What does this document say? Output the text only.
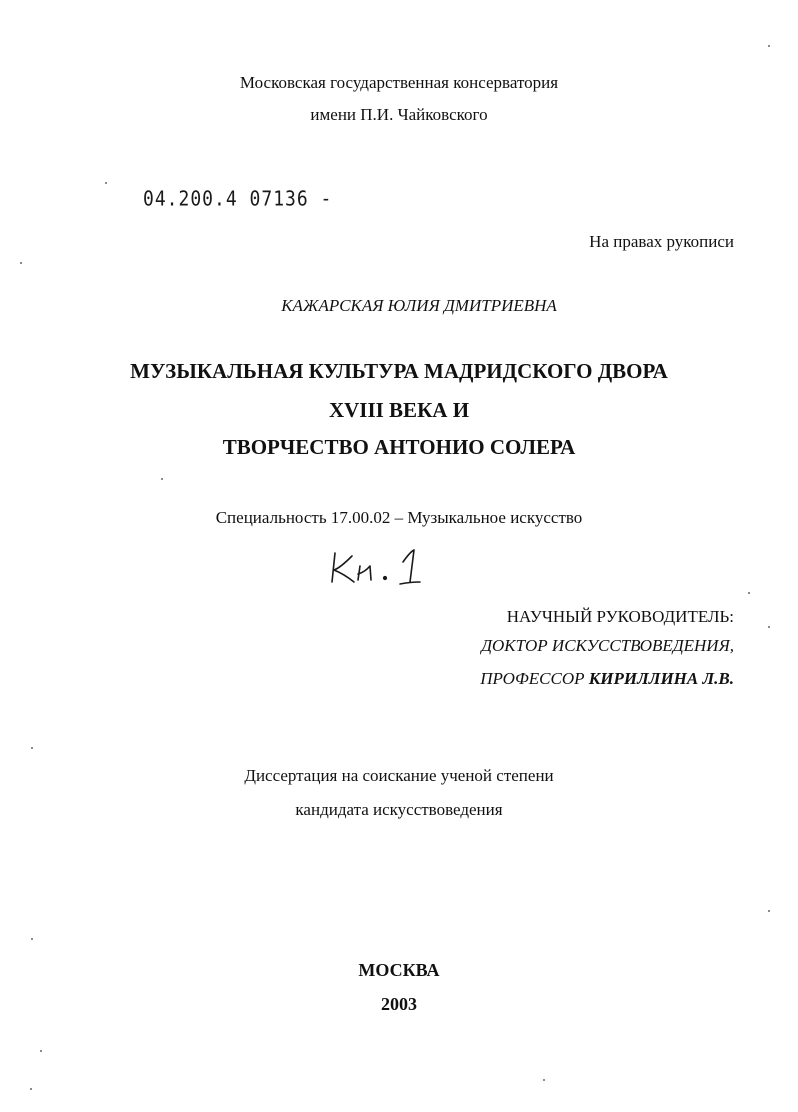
Московская государственная консерватория
имени П.И. Чайковского
04.200.4 07136 -
На правах рукописи
КАЖАРСКАЯ ЮЛИЯ ДМИТРИЕВНА
МУЗЫКАЛЬНАЯ КУЛЬТУРА МАДРИДСКОГО ДВОРА
XVIII ВЕКА И
ТВОРЧЕСТВО АНТОНИО СОЛЕРА
Специальность 17.00.02 – Музыкальное искусство
НАУЧНЫЙ РУКОВОДИТЕЛЬ:
ДОКТОР ИСКУССТВОВЕДЕНИЯ,
ПРОФЕССОР КИРИЛЛИНА Л.В.
Диссертация на соискание ученой степени
кандидата искусствоведения
МОСКВА
2003
